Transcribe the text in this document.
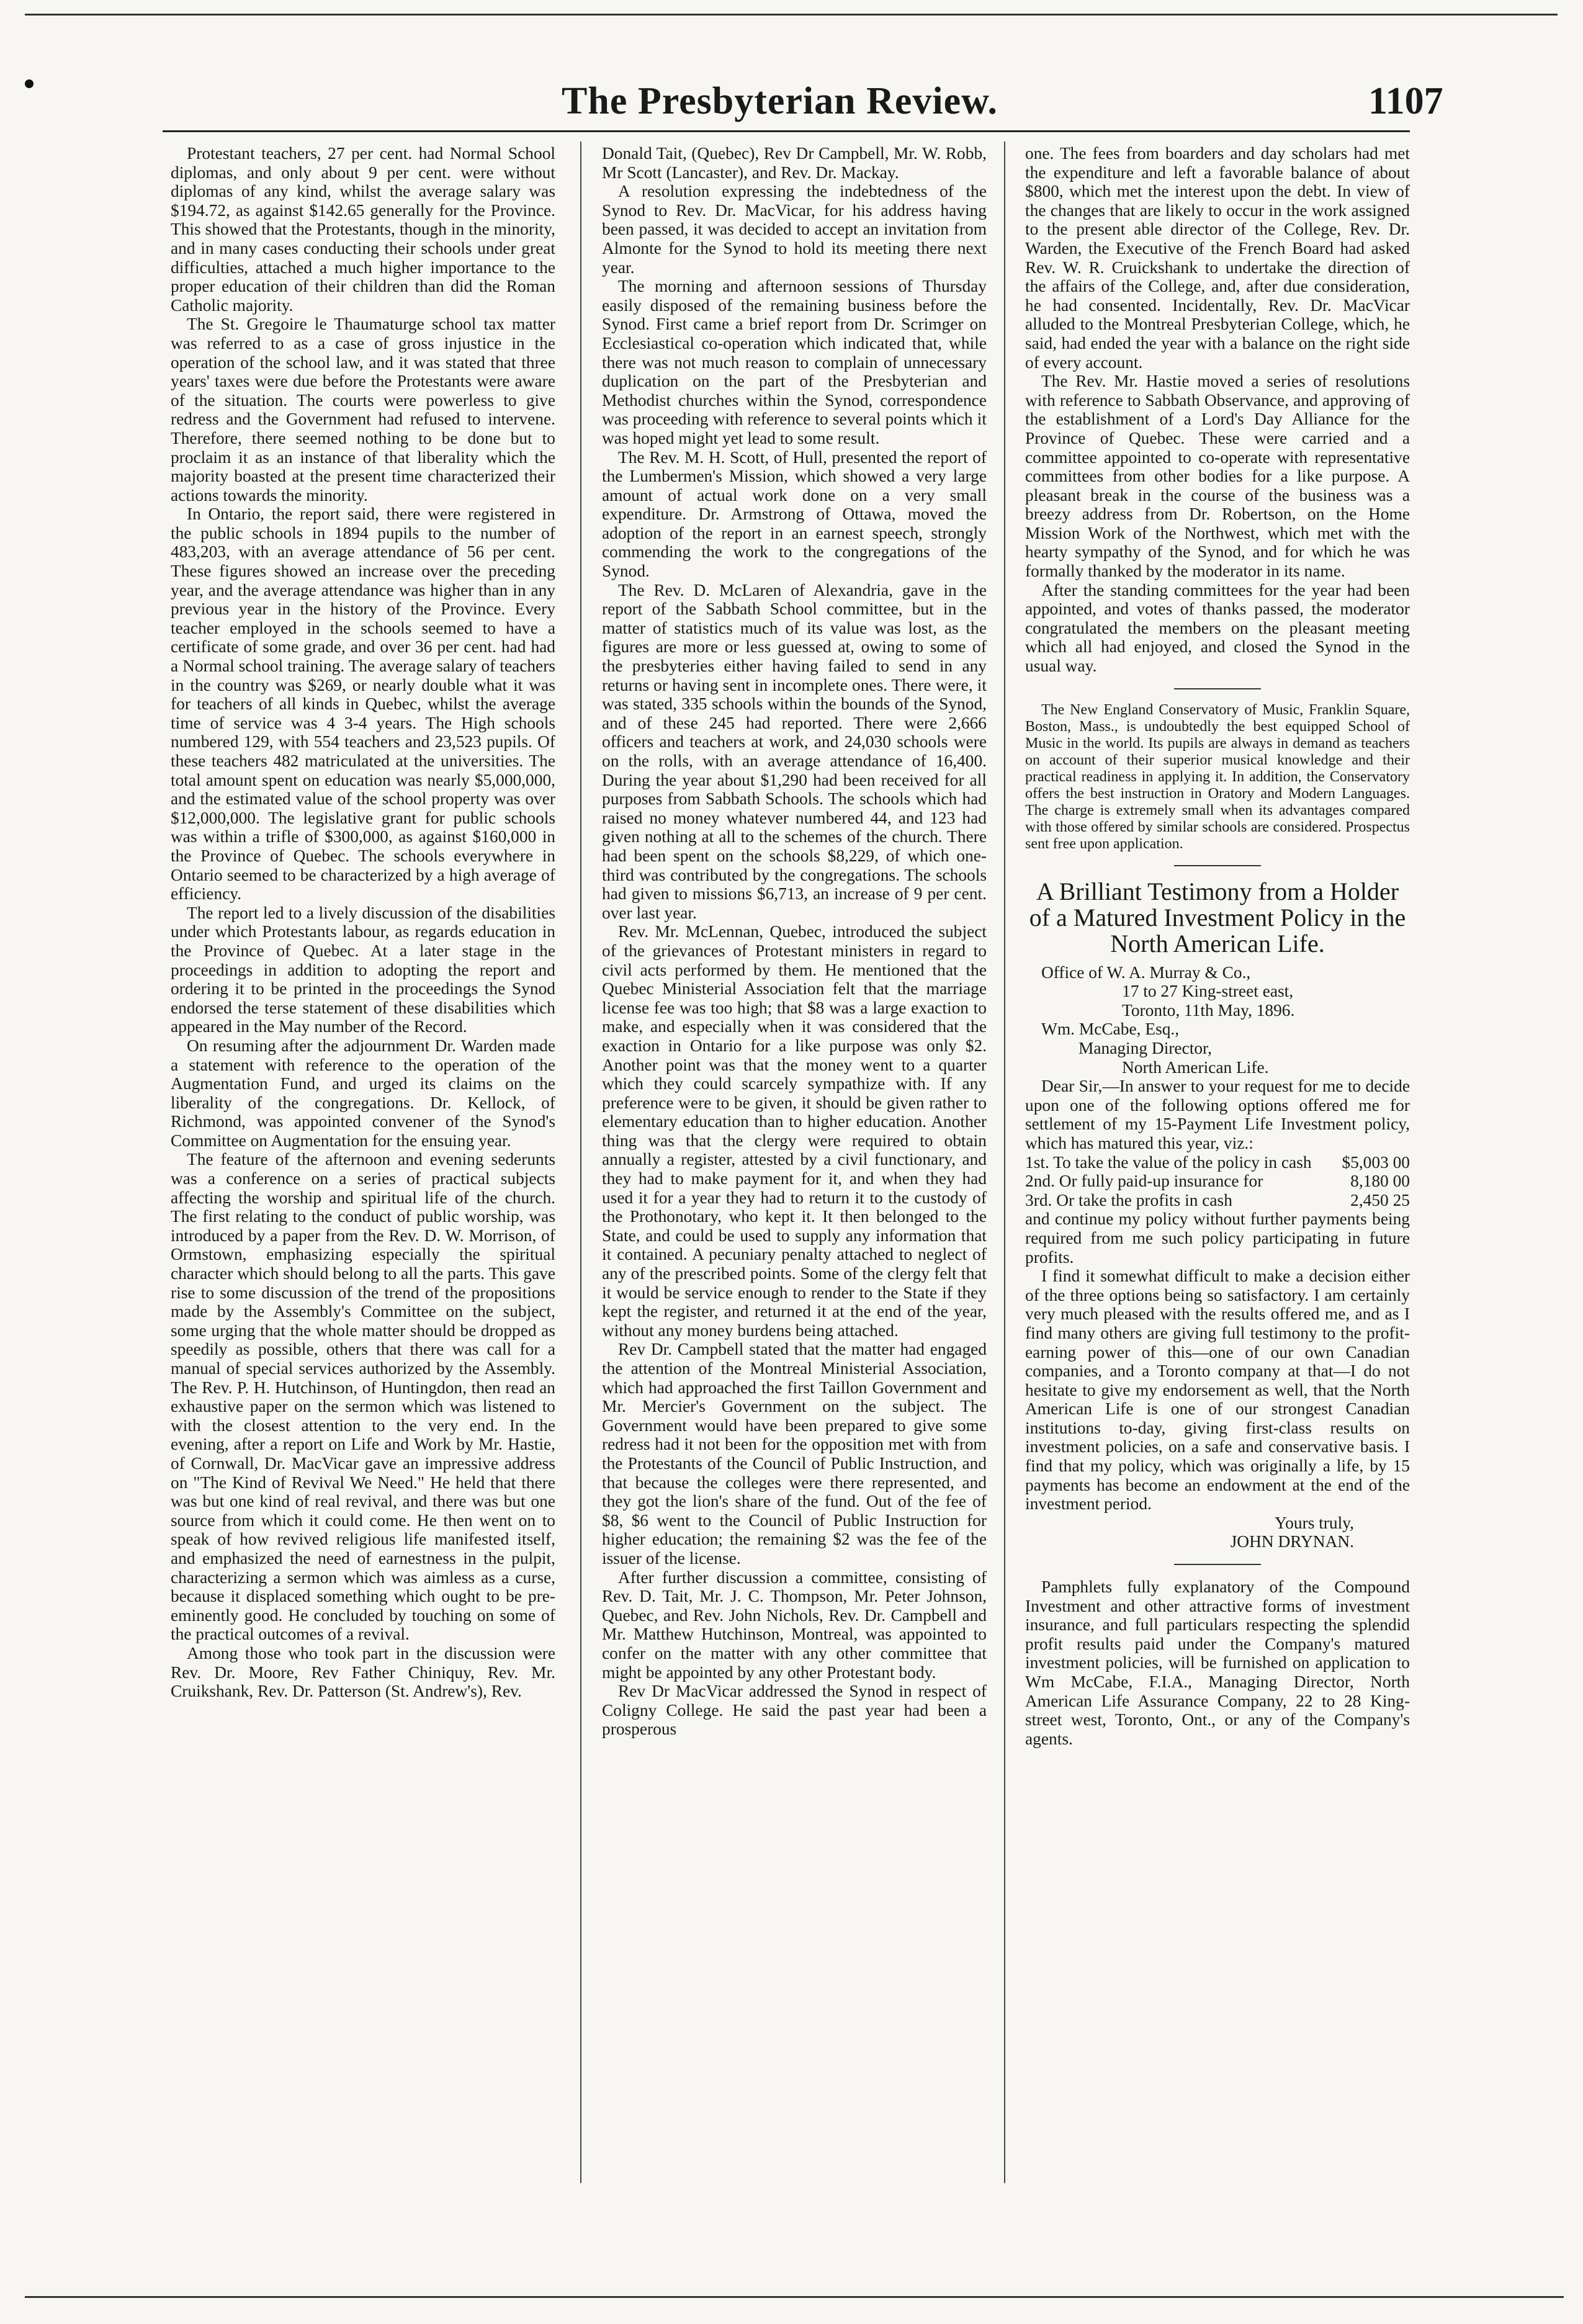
The Presbyterian Review.	1107

Protestant teachers, 27 per cent. had Normal School diplomas, and only about 9 per cent. were without diplomas of any kind, whilst the average salary was $194.72, as against $142.65 generally for the Province. This showed that the Protestants, though in the minority, and in many cases conducting their schools under great difficulties, attached a much higher importance to the proper education of their children than did the Roman Catholic majority.

The St. Gregoire le Thaumaturge school tax matter was referred to as a case of gross injustice in the operation of the school law, and it was stated that three years' taxes were due before the Protestants were aware of the situation. The courts were powerless to give redress and the Government had refused to intervene. Therefore, there seemed nothing to be done but to proclaim it as an instance of that liberality which the majority boasted at the present time characterized their actions towards the minority.

In Ontario, the report said, there were registered in the public schools in 1894 pupils to the number of 483,203, with an average attendance of 56 per cent. These figures showed an increase over the preceding year, and the average attendance was higher than in any previous year in the history of the Province. Every teacher employed in the schools seemed to have a certificate of some grade, and over 36 per cent. had had a Normal school training. The average salary of teachers in the country was $269, or nearly double what it was for teachers of all kinds in Quebec, whilst the average time of service was 4 3-4 years. The High schools numbered 129, with 554 teachers and 23,523 pupils. Of these teachers 482 matriculated at the universities. The total amount spent on education was nearly $5,000,000, and the estimated value of the school property was over $12,000,000. The legislative grant for public schools was within a trifle of $300,000, as against $160,000 in the Province of Quebec. The schools everywhere in Ontario seemed to be characterized by a high average of efficiency.

The report led to a lively discussion of the disabilities under which Protestants labour, as regards education in the Province of Quebec. At a later stage in the proceedings in addition to adopting the report and ordering it to be printed in the proceedings the Synod endorsed the terse statement of these disabilities which appeared in the May number of the Record.

On resuming after the adjournment Dr. Warden made a statement with reference to the operation of the Augmentation Fund, and urged its claims on the liberality of the congregations. Dr. Kellock, of Richmond, was appointed convener of the Synod's Committee on Augmentation for the ensuing year.

The feature of the afternoon and evening sederunts was a conference on a series of practical subjects affecting the worship and spiritual life of the church. The first relating to the conduct of public worship, was introduced by a paper from the Rev. D. W. Morrison, of Ormstown, emphasizing especially the spiritual character which should belong to all the parts. This gave rise to some discussion of the trend of the propositions made by the Assembly's Committee on the subject, some urging that the whole matter should be dropped as speedily as possible, others that there was call for a manual of special services authorized by the Assembly. The Rev. P. H. Hutchinson, of Huntingdon, then read an exhaustive paper on the sermon which was listened to with the closest attention to the very end. In the evening, after a report on Life and Work by Mr. Hastie, of Cornwall, Dr. MacVicar gave an impressive address on "The Kind of Revival We Need." He held that there was but one kind of real revival, and there was but one source from which it could come. He then went on to speak of how revived religious life manifested itself, and emphasized the need of earnestness in the pulpit, characterizing a sermon which was aimless as a curse, because it displaced something which ought to be pre-eminently good. He concluded by touching on some of the practical outcomes of a revival.

Among those who took part in the discussion were Rev. Dr. Moore, Rev Father Chiniquy, Rev. Mr. Cruikshank, Rev. Dr. Patterson (St. Andrew's), Rev.

Donald Tait, (Quebec), Rev Dr Campbell, Mr. W. Robb, Mr Scott (Lancaster), and Rev. Dr. Mackay.

A resolution expressing the indebtedness of the Synod to Rev. Dr. MacVicar, for his address having been passed, it was decided to accept an invitation from Almonte for the Synod to hold its meeting there next year.

The morning and afternoon sessions of Thursday easily disposed of the remaining business before the Synod. First came a brief report from Dr. Scrimger on Ecclesiastical co-operation which indicated that, while there was not much reason to complain of unnecessary duplication on the part of the Presbyterian and Methodist churches within the Synod, correspondence was proceeding with reference to several points which it was hoped might yet lead to some result.

The Rev. M. H. Scott, of Hull, presented the report of the Lumbermen's Mission, which showed a very large amount of actual work done on a very small expenditure. Dr. Armstrong of Ottawa, moved the adoption of the report in an earnest speech, strongly commending the work to the congregations of the Synod.

The Rev. D. McLaren of Alexandria, gave in the report of the Sabbath School committee, but in the matter of statistics much of its value was lost, as the figures are more or less guessed at, owing to some of the presbyteries either having failed to send in any returns or having sent in incomplete ones. There were, it was stated, 335 schools within the bounds of the Synod, and of these 245 had reported. There were 2,666 officers and teachers at work, and 24,030 schools were on the rolls, with an average attendance of 16,400. During the year about $1,290 had been received for all purposes from Sabbath Schools. The schools which had raised no money whatever numbered 44, and 123 had given nothing at all to the schemes of the church. There had been spent on the schools $8,229, of which one-third was contributed by the congregations. The schools had given to missions $6,713, an increase of 9 per cent. over last year.

Rev. Mr. McLennan, Quebec, introduced the subject of the grievances of Protestant ministers in regard to civil acts performed by them. He mentioned that the Quebec Ministerial Association felt that the marriage license fee was too high; that $8 was a large exaction to make, and especially when it was considered that the exaction in Ontario for a like purpose was only $2. Another point was that the money went to a quarter which they could scarcely sympathize with. If any preference were to be given, it should be given rather to elementary education than to higher education. Another thing was that the clergy were required to obtain annually a register, attested by a civil functionary, and they had to make payment for it, and when they had used it for a year they had to return it to the custody of the Prothonotary, who kept it. It then belonged to the State, and could be used to supply any information that it contained. A pecuniary penalty attached to neglect of any of the prescribed points. Some of the clergy felt that it would be service enough to render to the State if they kept the register, and returned it at the end of the year, without any money burdens being attached.

Rev Dr. Campbell stated that the matter had engaged the attention of the Montreal Ministerial Association, which had approached the first Taillon Government and Mr. Mercier's Government on the subject. The Government would have been prepared to give some redress had it not been for the opposition met with from the Protestants of the Council of Public Instruction, and that because the colleges were there represented, and they got the lion's share of the fund. Out of the fee of $8, $6 went to the Council of Public Instruction for higher education; the remaining $2 was the fee of the issuer of the license.

After further discussion a committee, consisting of Rev. D. Tait, Mr. J. C. Thompson, Mr. Peter Johnson, Quebec, and Rev. John Nichols, Rev. Dr. Campbell and Mr. Matthew Hutchinson, Montreal, was appointed to confer on the matter with any other committee that might be appointed by any other Protestant body.

Rev Dr MacVicar addressed the Synod in respect of Coligny College. He said the past year had been a prosperous

one. The fees from boarders and day scholars had met the expenditure and left a favorable balance of about $800, which met the interest upon the debt. In view of the changes that are likely to occur in the work assigned to the present able director of the College, Rev. Dr. Warden, the Executive of the French Board had asked Rev. W. R. Cruickshank to undertake the direction of the affairs of the College, and, after due consideration, he had consented. Incidentally, Rev. Dr. MacVicar alluded to the Montreal Presbyterian College, which, he said, had ended the year with a balance on the right side of every account.

The Rev. Mr. Hastie moved a series of resolutions with reference to Sabbath Observance, and approving of the establishment of a Lord's Day Alliance for the Province of Quebec. These were carried and a committee appointed to co-operate with representative committees from other bodies for a like purpose. A pleasant break in the course of the business was a breezy address from Dr. Robertson, on the Home Mission Work of the Northwest, which met with the hearty sympathy of the Synod, and for which he was formally thanked by the moderator in its name.

After the standing committees for the year had been appointed, and votes of thanks passed, the moderator congratulated the members on the pleasant meeting which all had enjoyed, and closed the Synod in the usual way.

The New England Conservatory of Music, Franklin Square, Boston, Mass., is undoubtedly the best equipped School of Music in the world. Its pupils are always in demand as teachers on account of their superior musical knowledge and their practical readiness in applying it. In addition, the Conservatory offers the best instruction in Oratory and Modern Languages. The charge is extremely small when its advantages compared with those offered by similar schools are considered. Prospectus sent free upon application.

A Brilliant Testimony from a Holder of a Matured Investment Policy in the North American Life.

Office of W. A. Murray & Co.,

17 to 27 King-street east,

Toronto, 11th May, 1896.

Wm. McCabe, Esq.,

Managing Director,

North American Life.

Dear Sir,—In answer to your request for me to decide upon one of the following options offered me for settlement of my 15-Payment Life Investment policy, which has matured this year, viz.:

1st. To take the value of the policy in cash $5,003 00
2nd. Or fully paid-up insurance for	8,180 00
3rd. Or take the profits in cash	2,450 25

and continue my policy without further payments being required from me such policy participating in future profits.

I find it somewhat difficult to make a decision either of the three options being so satisfactory. I am certainly very much pleased with the results offered me, and as I find many others are giving full testimony to the profit-earning power of this—one of our own Canadian companies, and a Toronto company at that—I do not hesitate to give my endorsement as well, that the North American Life is one of our strongest Canadian institutions to-day, giving first-class results on investment policies, on a safe and conservative basis. I find that my policy, which was originally a life, by 15 payments has become an endowment at the end of the investment period.

Yours truly,

JOHN DRYNAN.

Pamphlets fully explanatory of the Compound Investment and other attractive forms of investment insurance, and full particulars respecting the splendid profit results paid under the Company's matured investment policies, will be furnished on application to Wm McCabe, F.I.A., Managing Director, North American Life Assurance Company, 22 to 28 King-street west, Toronto, Ont., or any of the Company's agents.
